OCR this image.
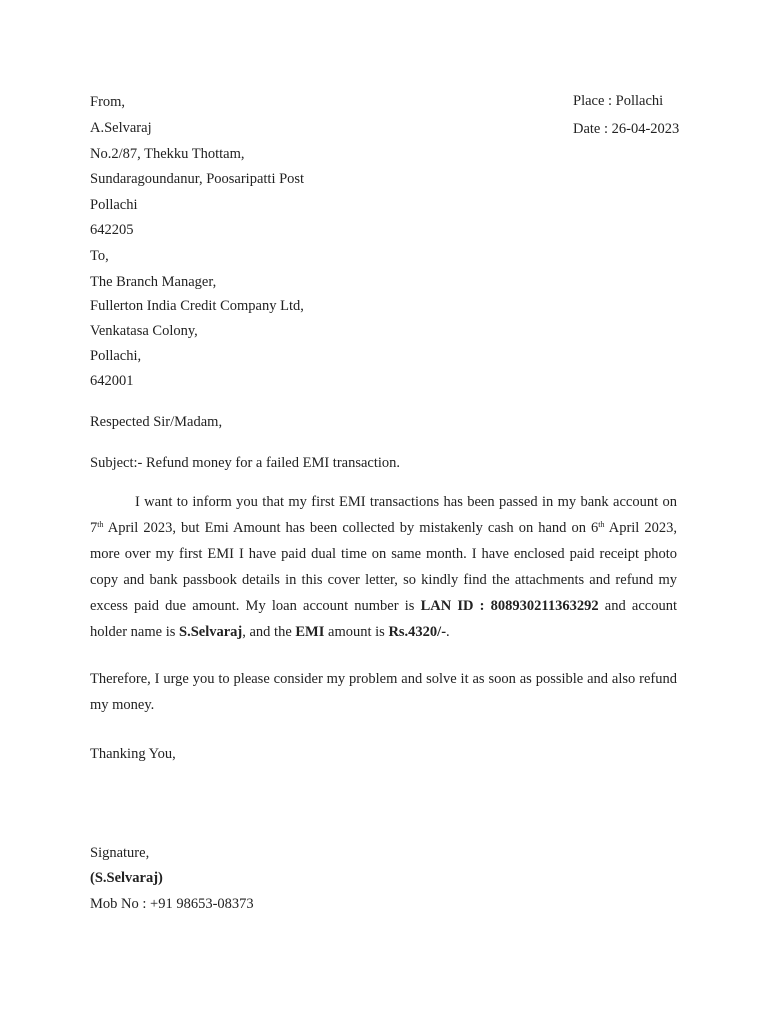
Place : Pollachi
Date : 26-04-2023
From,
A.Selvaraj
No.2/87, Thekku Thottam,
Sundaragoundanur, Poosaripatti Post
Pollachi
642205
To,
The Branch Manager,
Fullerton India Credit Company Ltd,
Venkatasa Colony,
Pollachi,
642001
Respected Sir/Madam,
Subject:- Refund money for a failed EMI transaction.
I want to inform you that my first EMI transactions has been passed in my bank account on 7th April 2023, but Emi Amount has been collected by mistakenly cash on hand on 6th April 2023, more over my first EMI I have paid dual time on same month. I have enclosed paid receipt photo copy and bank passbook details in this cover letter, so kindly find the attachments and refund my excess paid due amount. My loan account number is LAN ID : 808930211363292 and account holder name is S.Selvaraj, and the EMI amount is Rs.4320/-.
Therefore, I urge you to please consider my problem and solve it as soon as possible and also refund my money.
Thanking You,
Signature,
(S.Selvaraj)
Mob No : +91 98653-08373
